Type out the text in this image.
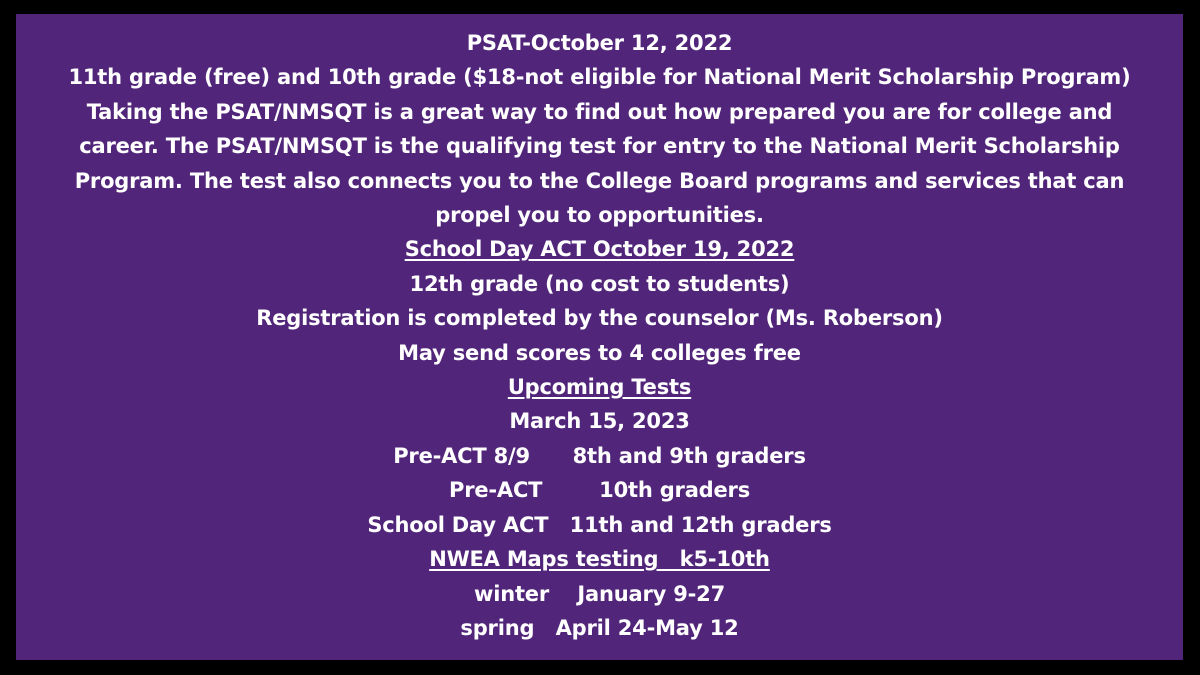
PSAT-October 12, 2022
11th grade (free) and 10th grade ($18-not eligible for National Merit Scholarship Program)
Taking the PSAT/NMSQT is a great way to find out how prepared you are for college and career. The PSAT/NMSQT is the qualifying test for entry to the National Merit Scholarship Program. The test also connects you to the College Board programs and services that can propel you to opportunities.
School Day ACT October 19, 2022
12th grade (no cost to students)
Registration is completed by the counselor (Ms. Roberson)
May send scores to 4 colleges free
Upcoming Tests
March 15, 2023
Pre-ACT 8/9      8th and 9th graders
Pre-ACT        10th graders
School Day ACT   11th and 12th graders
NWEA Maps testing   k5-10th
winter    January 9-27
spring   April 24-May 12
